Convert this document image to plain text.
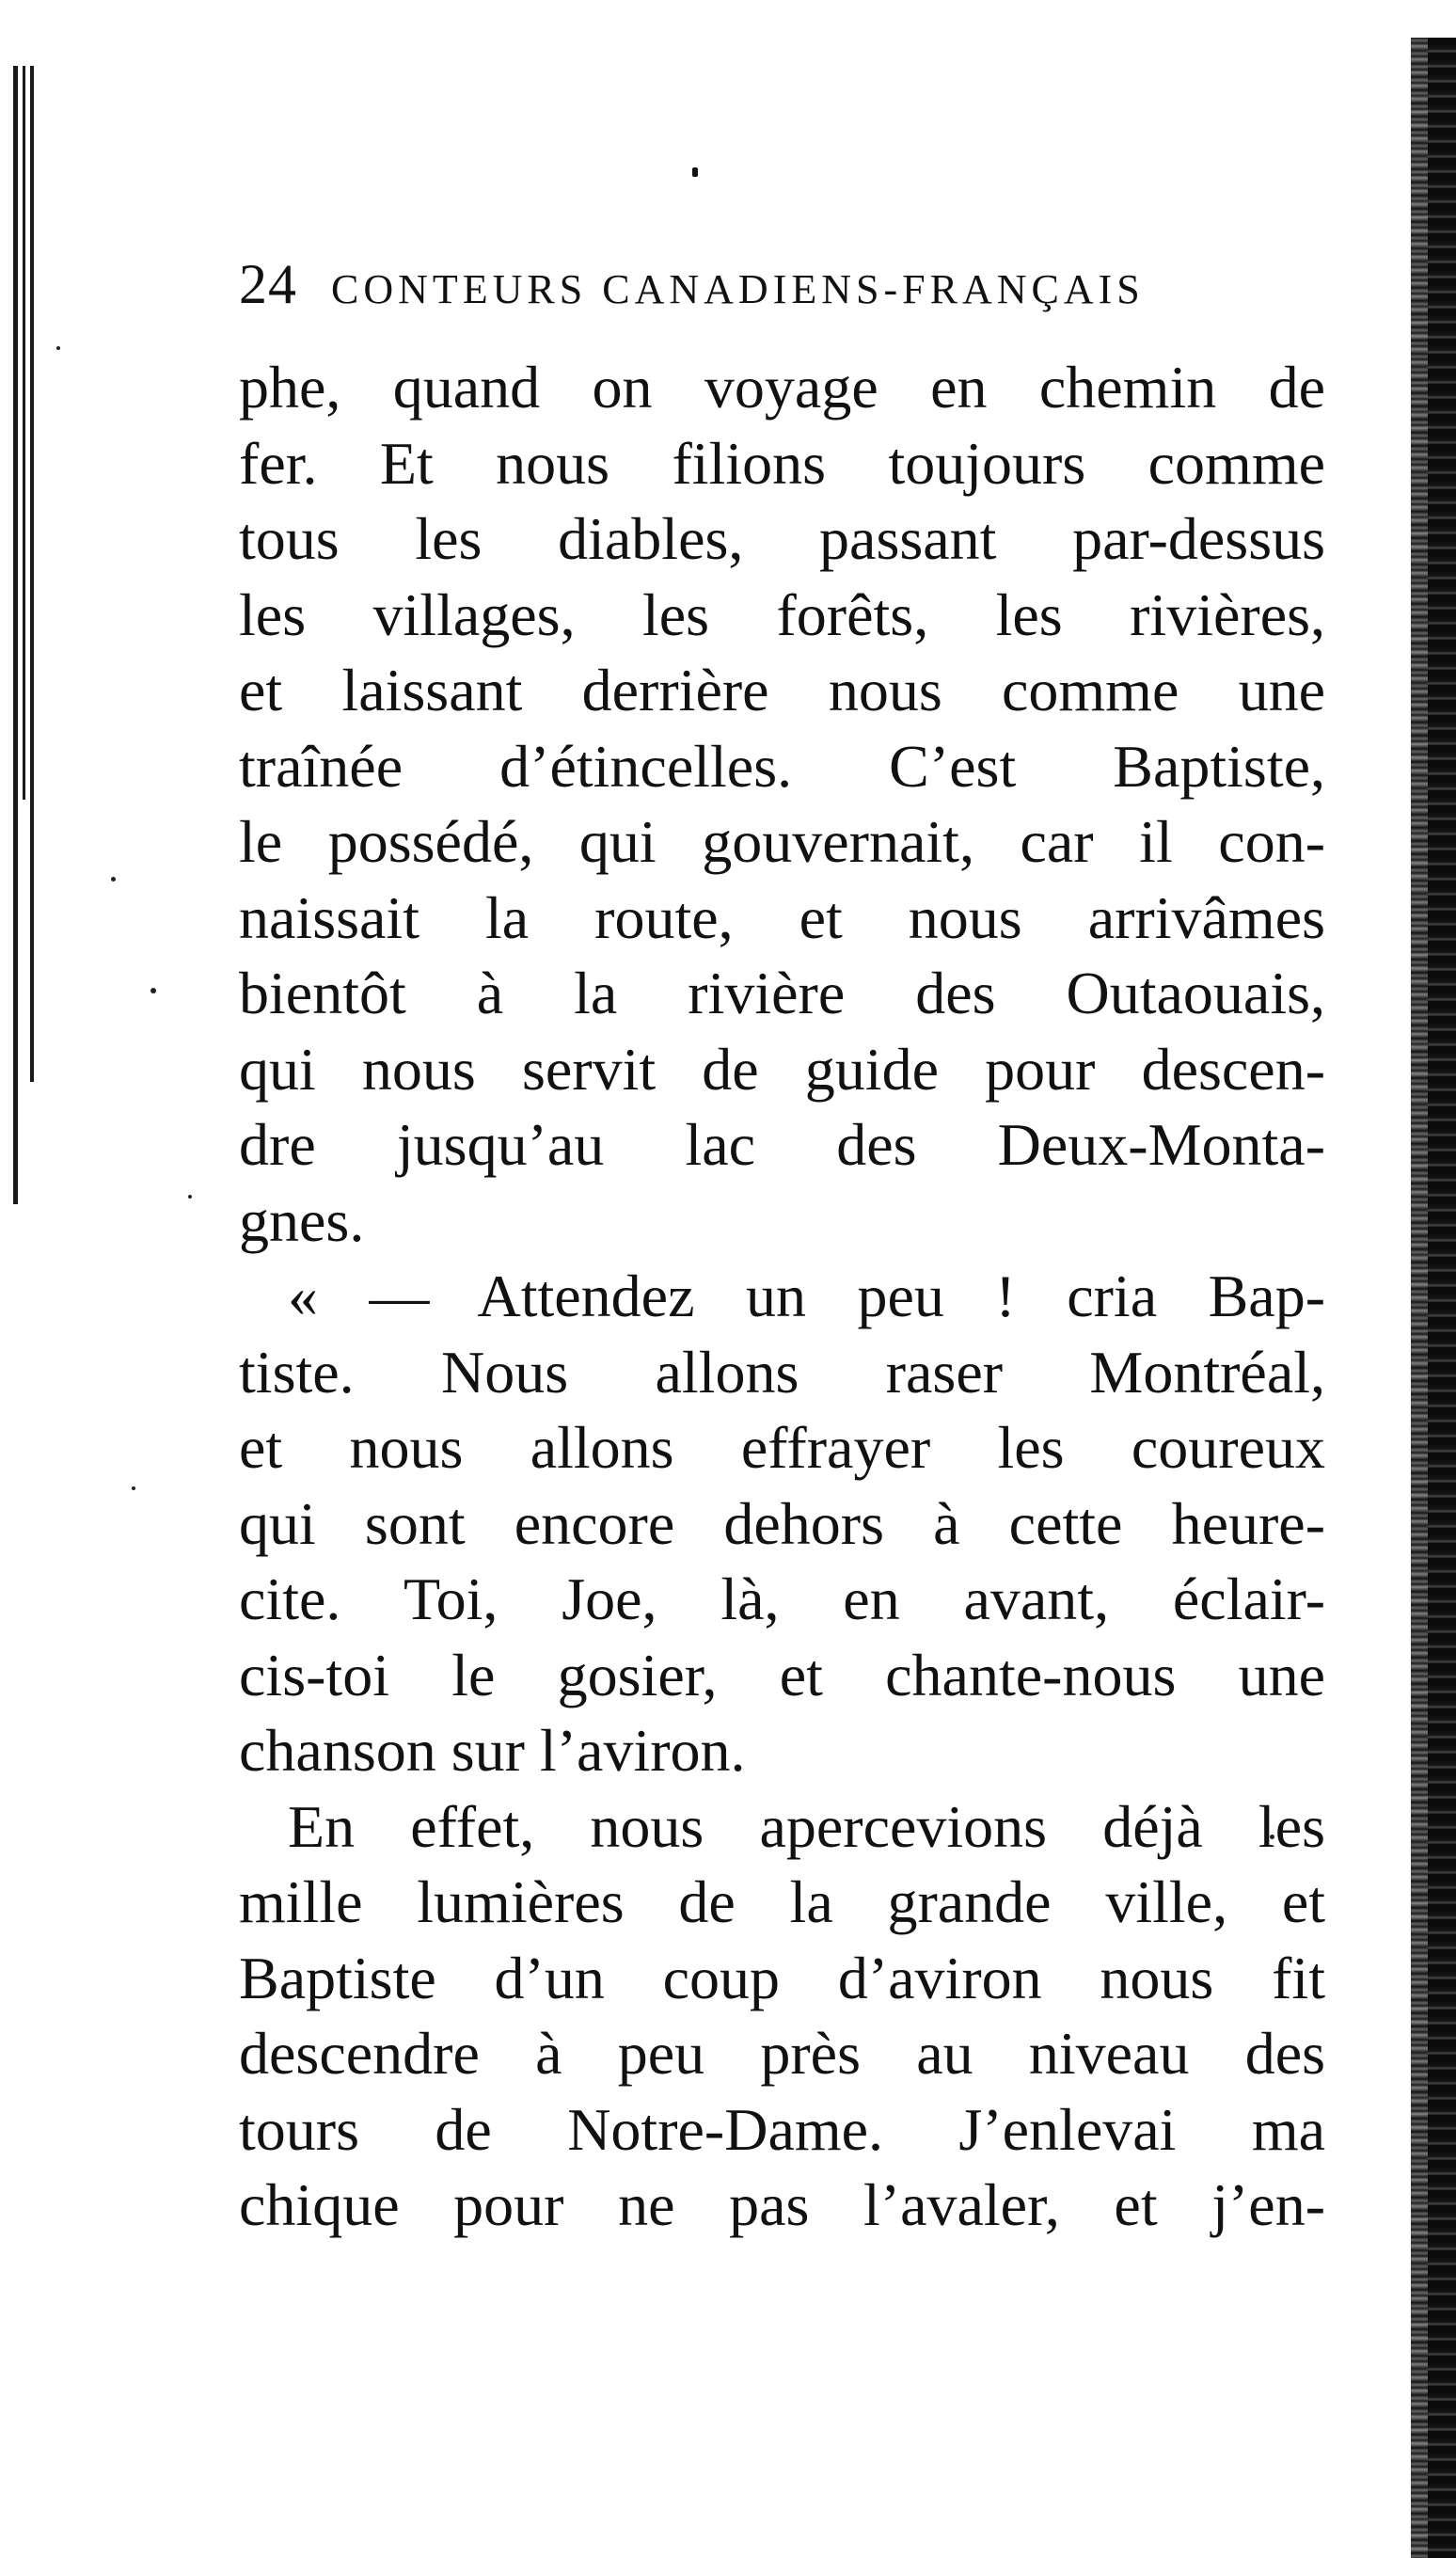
24 CONTEURS CANADIENS-FRANÇAIS
phe, quand on voyage en chemin de
fer. Et nous filions toujours comme
tous les diables, passant par-dessus
les villages, les forêts, les rivières,
et laissant derrière nous comme une
traînée d’étincelles. C’est Baptiste,
le possédé, qui gouvernait, car il con-
naissait la route, et nous arrivâmes
bientôt à la rivière des Outaouais,
qui nous servit de guide pour descen-
dre jusqu’au lac des Deux-Monta-
gnes.
« — Attendez un peu ! cria Bap-
tiste. Nous allons raser Montréal,
et nous allons effrayer les coureux
qui sont encore dehors à cette heure-
cite. Toi, Joe, là, en avant, éclair-
cis-toi le gosier, et chante-nous une
chanson sur l’aviron.
En effet, nous apercevions déjà les
mille lumières de la grande ville, et
Baptiste d’un coup d’aviron nous fit
descendre à peu près au niveau des
tours de Notre-Dame. J’enlevai ma
chique pour ne pas l’avaler, et j’en-
